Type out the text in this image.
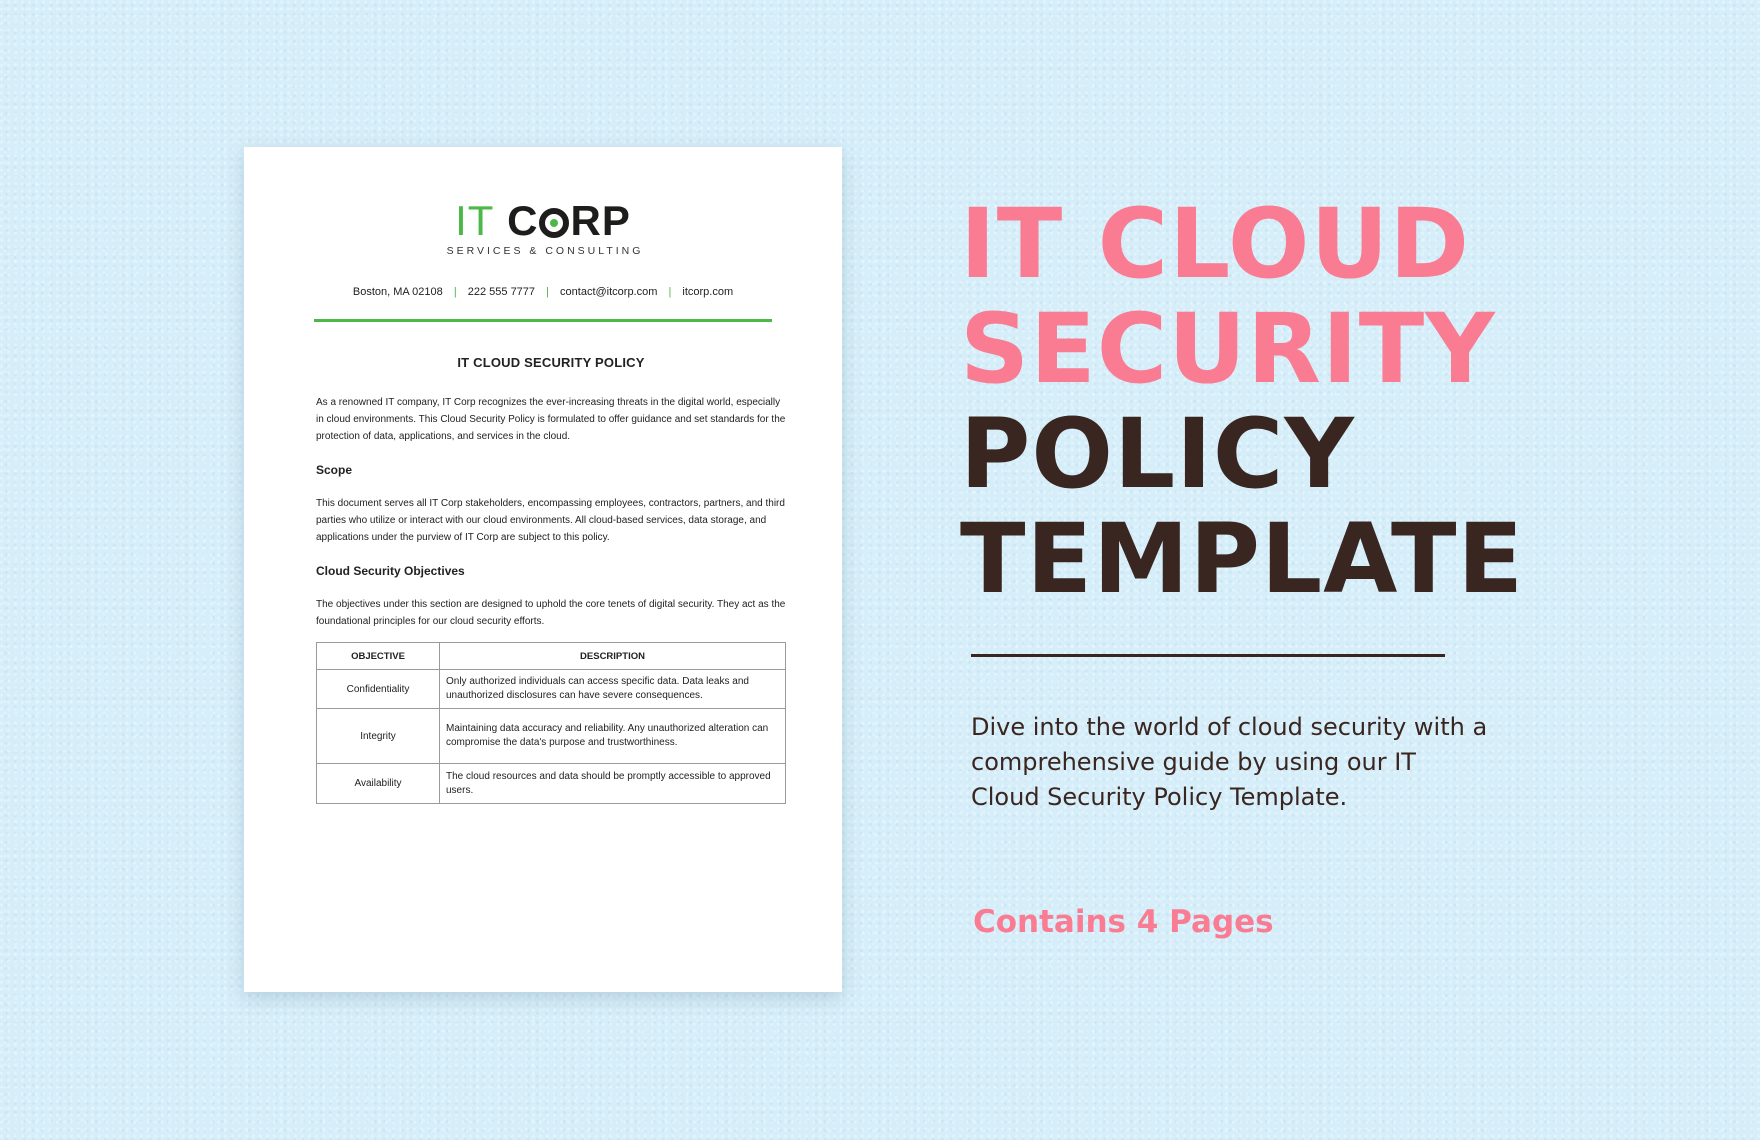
IT C RP
SERVICES & CONSULTING
Boston, MA 02108 | 222 555 7777 | contact@itcorp.com | itcorp.com

IT CLOUD SECURITY POLICY

As a renowned IT company, IT Corp recognizes the ever-increasing threats in the digital world, especially in cloud environments. This Cloud Security Policy is formulated to offer guidance and set standards for the protection of data, applications, and services in the cloud.

Scope

This document serves all IT Corp stakeholders, encompassing employees, contractors, partners, and third parties who utilize or interact with our cloud environments. All cloud-based services, data storage, and applications under the purview of IT Corp are subject to this policy.

Cloud Security Objectives

The objectives under this section are designed to uphold the core tenets of digital security. They act as the foundational principles for our cloud security efforts.

OBJECTIVE	DESCRIPTION
Confidentiality	Only authorized individuals can access specific data. Data leaks and unauthorized disclosures can have severe consequences.
Integrity	Maintaining data accuracy and reliability. Any unauthorized alteration can compromise the data's purpose and trustworthiness.
Availability	The cloud resources and data should be promptly accessible to approved users.
IT CLOUD
SECURITY
POLICY
TEMPLATE

Dive into the world of cloud security with a comprehensive guide by using our IT Cloud Security Policy Template.

Contains 4 Pages
